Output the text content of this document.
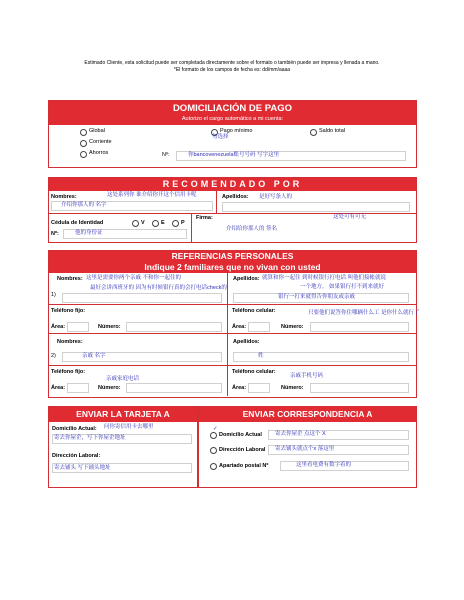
Estimado Cliente, esta solicitud puede ser completada directamente sobre el formato o también puede ser impresa y llenada a mano.
*El formato de los campos de fecha es: dd/mm/aaaa
DOMICILIACIÓN DE PAGO
Autorizo el cargo automático a mi cuenta:
Global	Pago mínimo
勿选择
Saldo total
Corriente
Ahorros	Nº:	你bancovenezuela账号号码 写字这里
RECOMENDADO POR
Nombres:	这处系列你 谁介绍你开这个信用卡呢
介绍你那人的 名字
Apellidos: 是好写条人的
Cédula de Identidad	V	E	P
Nº:	他的身份证
Firma:	这处可有可无
介绍给你那人的 签名
REFERENCIAS PERSONALES
Indique 2 familiares que no vivan con usted
Nombres: 这里是需要你两个亲戚 不和你一起住的
最好会讲西班牙的 因为有时候银行真的会打电话check的
1)
Apellidos: 就算和你一起住 到时候银行打电话 叫他们接帐就说
一个地方。 如果银行打不到来就好
银行一打来就得告你朋友或亲戚
Teléfono fijo:	Teléfono celular:	只要他们说答你住哪辆什么工 是你什么就行了
Área:	Número:	Área:	Número:
Nombres:
2)	亲戚 名字
Apellidos:
姓
Teléfono fijo:
亲戚家庭电话
Teléfono celular:
亲戚手机号码
Área:	Número:	Área:	Número:
ENVIAR LA TARJETA A	ENVIAR CORRESPONDENCIA A
Domicilio Actual: 问你寄信用卡去哪里
寄去你屋企，写下你屋企地址
Dirección Laboral:
寄去铺头 写下铺头地址
✓
Domicilio Actual 寄去你屋企 点这个 X
Dirección Laboral 寄去铺头就点个x 落这里
Apartado postal Nº	这里看电费有数字着的
